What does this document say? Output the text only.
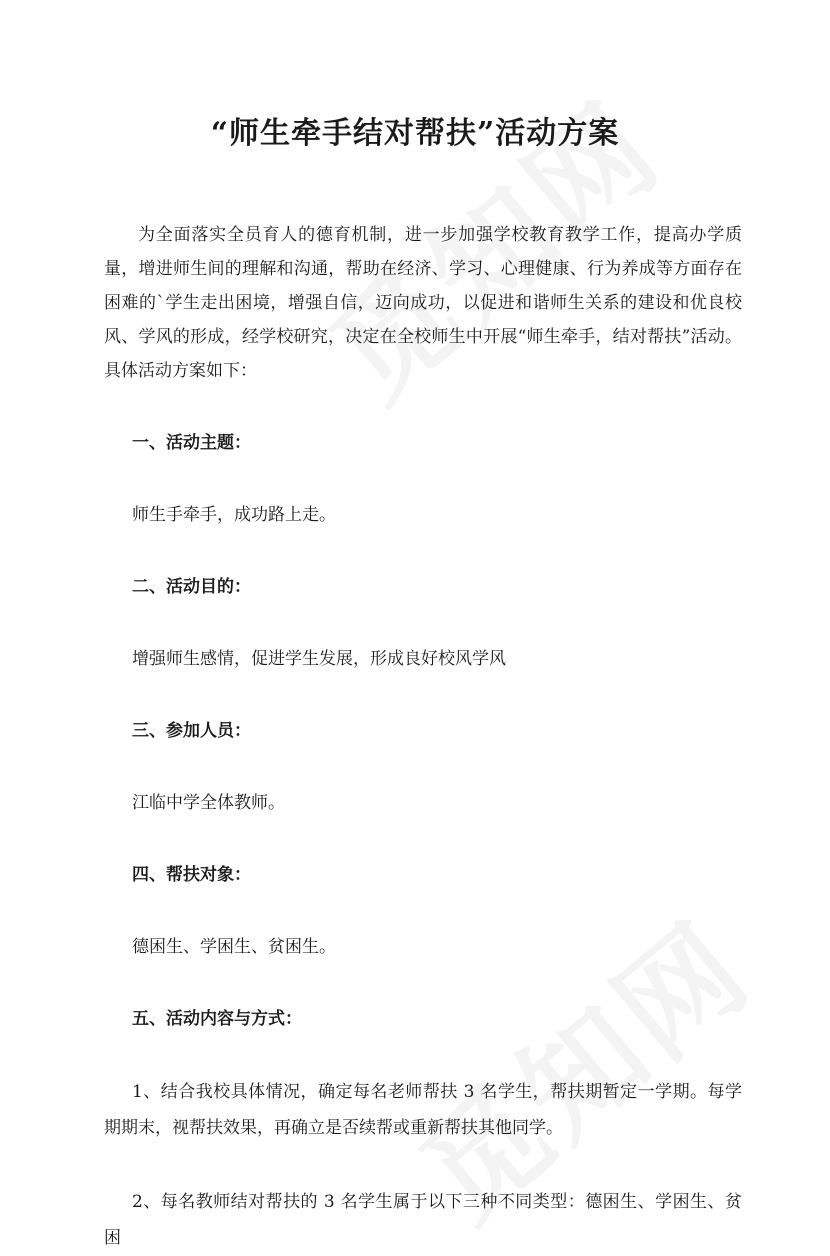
“师生牵手结对帮扶”活动方案

为全面落实全员育人的德育机制，进一步加强学校教育教学工作，提高办学质量，增进师生间的理解和沟通，帮助在经济、学习、心理健康、行为养成等方面存在困难的`学生走出困境，增强自信，迈向成功，以促进和谐师生关系的建设和优良校风、学风的形成，经学校研究，决定在全校师生中开展“师生牵手，结对帮扶”活动。具体活动方案如下：

一、活动主题：

师生手牵手，成功路上走。

二、活动目的：

增强师生感情，促进学生发展，形成良好校风学风

三、参加人员：

江临中学全体教师。

四、帮扶对象：

德困生、学困生、贫困生。

五、活动内容与方式：

1、结合我校具体情况，确定每名老师帮扶 3 名学生，帮扶期暂定一学期。每学期期末，视帮扶效果，再确立是否续帮或重新帮扶其他同学。

2、每名教师结对帮扶的 3 名学生属于以下三种不同类型：德困生、学困生、贫困
